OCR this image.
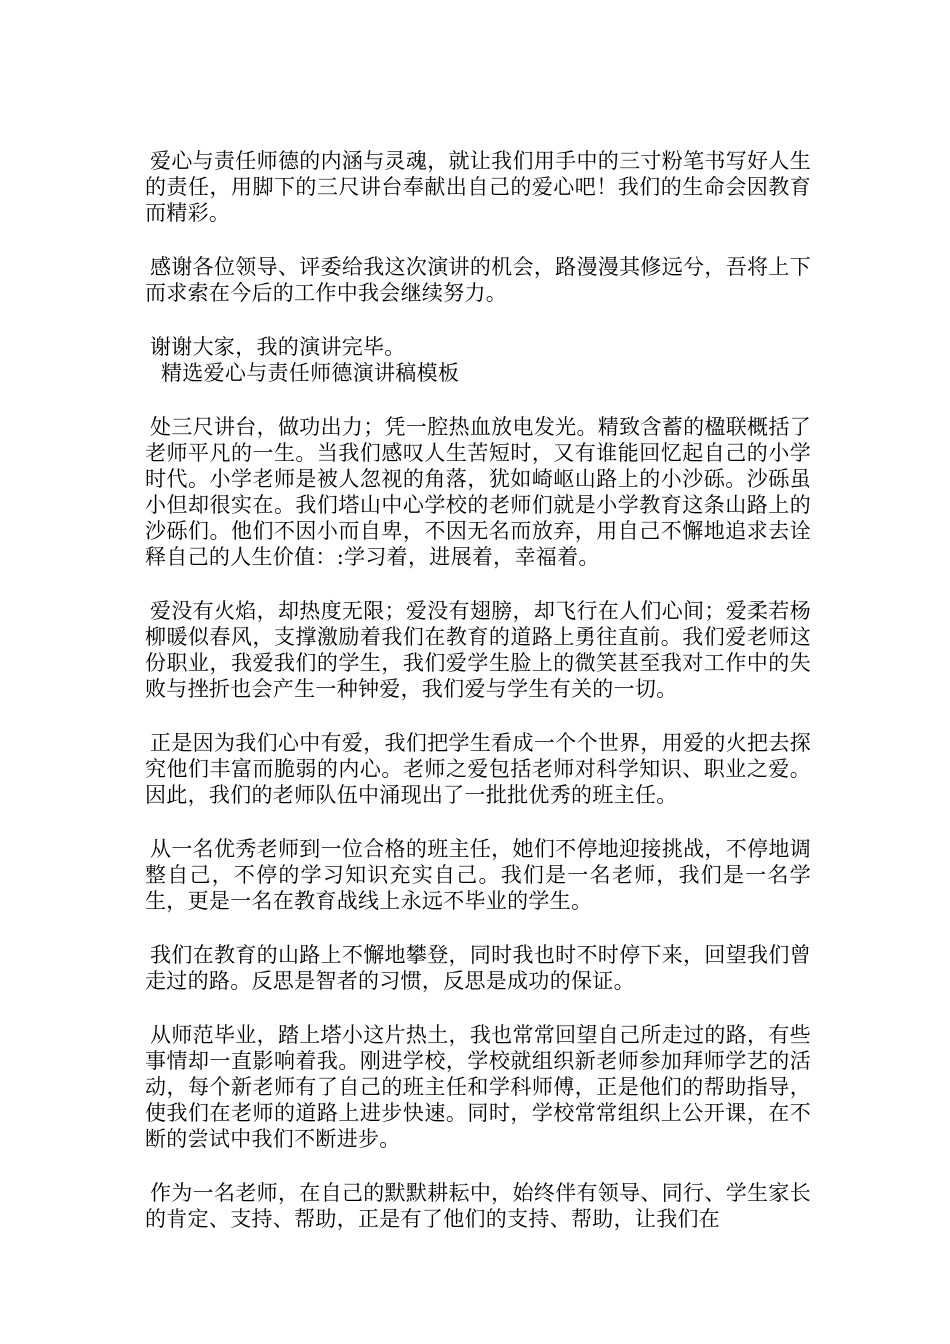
爱心与责任师德的内涵与灵魂，就让我们用手中的三寸粉笔书写好人生的责任，用脚下的三尺讲台奉献出自己的爱心吧！我们的生命会因教育而精彩。

感谢各位领导、评委给我这次演讲的机会，路漫漫其修远兮，吾将上下而求索在今后的工作中我会继续努力。

谢谢大家，我的演讲完毕。

精选爱心与责任师德演讲稿模板

处三尺讲台，做功出力；凭一腔热血放电发光。精致含蓄的楹联概括了老师平凡的一生。当我们感叹人生苦短时，又有谁能回忆起自己的小学时代。小学老师是被人忽视的角落，犹如崎岖山路上的小沙砾。沙砾虽小但却很实在。我们塔山中心学校的老师们就是小学教育这条山路上的沙砾们。他们不因小而自卑，不因无名而放弃，用自己不懈地追求去诠释自己的人生价值：:学习着，进展着，幸福着。

爱没有火焰，却热度无限；爱没有翅膀，却飞行在人们心间；爱柔若杨柳暖似春风，支撑激励着我们在教育的道路上勇往直前。我们爱老师这份职业，我爱我们的学生，我们爱学生脸上的微笑甚至我对工作中的失败与挫折也会产生一种钟爱，我们爱与学生有关的一切。

正是因为我们心中有爱，我们把学生看成一个个世界，用爱的火把去探究他们丰富而脆弱的内心。老师之爱包括老师对科学知识、职业之爱。因此，我们的老师队伍中涌现出了一批批优秀的班主任。

从一名优秀老师到一位合格的班主任，她们不停地迎接挑战，不停地调整自己，不停的学习知识充实自己。我们是一名老师，我们是一名学生，更是一名在教育战线上永远不毕业的学生。

我们在教育的山路上不懈地攀登，同时我也时不时停下来，回望我们曾走过的路。反思是智者的习惯，反思是成功的保证。

从师范毕业，踏上塔小这片热土，我也常常回望自己所走过的路，有些事情却一直影响着我。刚进学校，学校就组织新老师参加拜师学艺的活动，每个新老师有了自己的班主任和学科师傅，正是他们的帮助指导，使我们在老师的道路上进步快速。同时，学校常常组织上公开课，在不断的尝试中我们不断进步。

作为一名老师，在自己的默默耕耘中，始终伴有领导、同行、学生家长的肯定、支持、帮助，正是有了他们的支持、帮助，让我们在
